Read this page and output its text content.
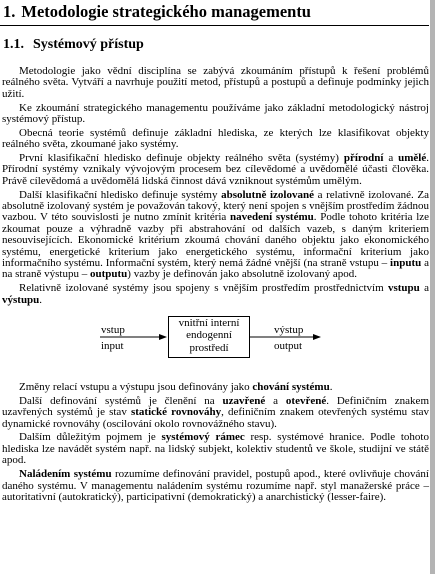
1. Metodologie strategického managementu
1.1. Systémový přístup

Metodologie jako vědní disciplína se zabývá zkoumáním přístupů k řešení problémů reálného světa. Vytváří a navrhuje použití metod, přístupů a postupů a definuje podmínky jejich užití.

Ke zkoumání strategického managementu používáme jako základní metodologický nástroj systémový přístup.

Obecná teorie systémů definuje základní hlediska, ze kterých lze klasifikovat objekty reálného světa, zkoumané jako systémy.

První klasifikační hledisko definuje objekty reálného světa (systémy) přírodní a umělé. Přírodní systémy vznikaly vývojovým procesem bez cílevědomé a uvědomělé účasti člověka. Právě cílevědomá a uvědomělá lidská činnost dává vzniknout systémům umělým.

Další klasifikační hledisko definuje systémy absolutně izolované a relativně izolované. Za absolutně izolovaný systém je považován takový, který není spojen s vnějším prostředím žádnou vazbou. V této souvislosti je nutno zmínit kritéria navedení systému. Podle tohoto kritéria lze zkoumat pouze a výhradně vazby při abstrahování od dalších vazeb, s daným kriteriem nesouvisejících. Ekonomické kritérium zkoumá chování daného objektu jako ekonomického systému, energetické kriterium jako energetického systému, informační kriterium jako informačního systému. Informační systém, který nemá žádné vnější (na straně vstupu – inputu a na straně výstupu – outputu) vazby je definován jako absolutně izolovaný apod.

Relativně izolované systémy jsou spojeny s vnějším prostředím prostřednictvím vstupu a výstupu.

vstup
input
vnitřní interní
endogenní
prostředí
výstup
output

Změny relací vstupu a výstupu jsou definovány jako chování systému.

Další definování systémů je členění na uzavřené a otevřené. Definičním znakem uzavřených systémů je stav statické rovnováhy, definičním znakem otevřených systému stav dynamické rovnováhy (oscilování okolo rovnovážného stavu).

Dalším důležitým pojmem je systémový rámec resp. systémové hranice. Podle tohoto hlediska lze navádět systém např. na lidský subjekt, kolektiv studentů ve škole, studijní ve státě apod.

Naládením systému rozumíme definování pravidel, postupů apod., které ovlivňuje chování daného systému. V managementu naládením systému rozumíme např. styl manažerské práce – autoritativní (autokratický), participativní (demokratický) a anarchistický (lesser-faire).
